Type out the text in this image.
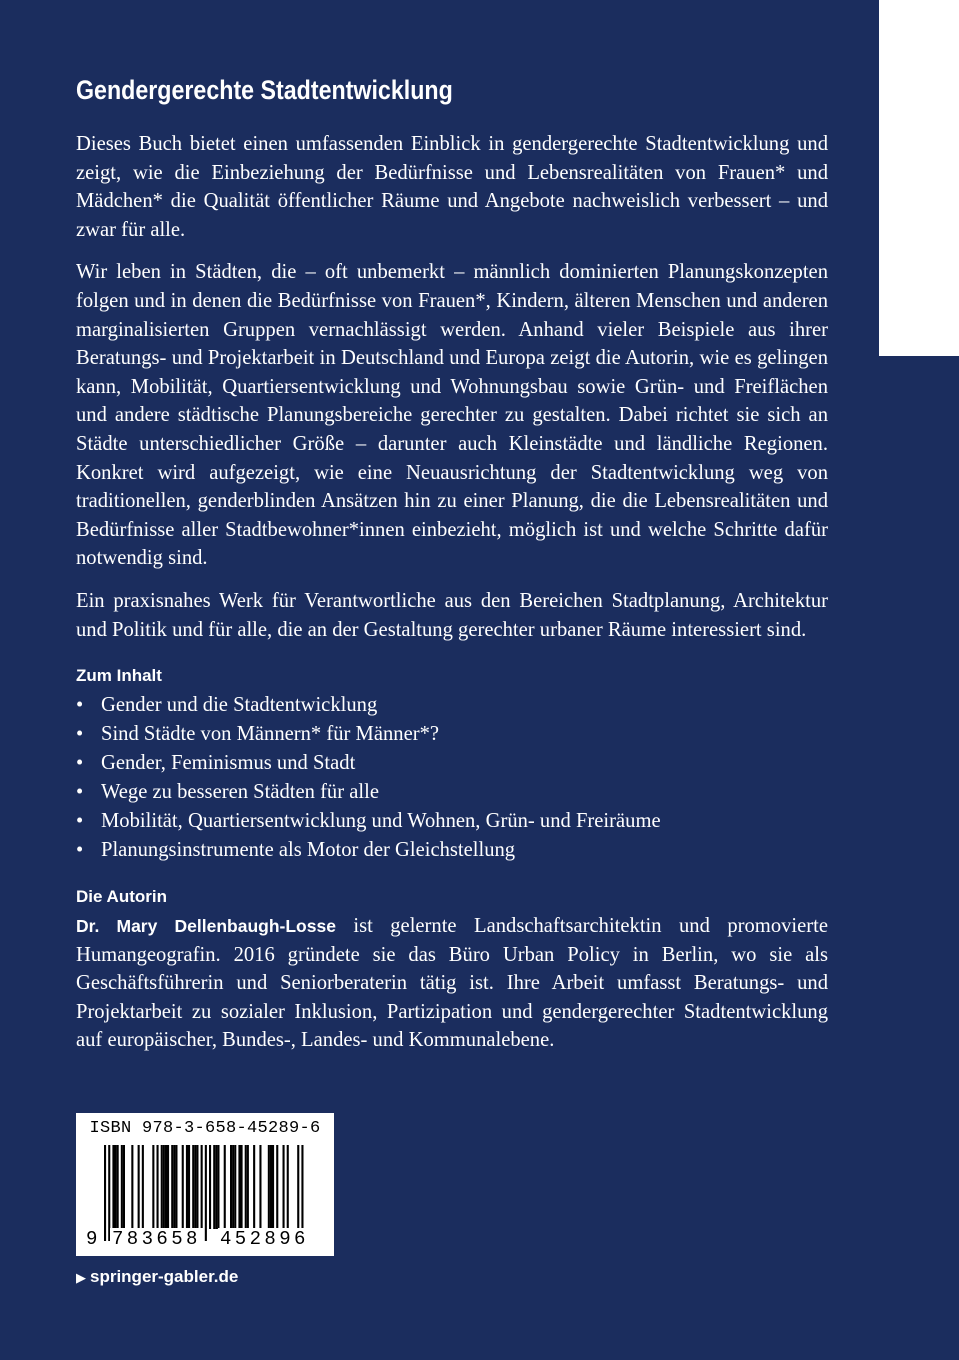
Gendergerechte Stadtentwicklung

Dieses Buch bietet einen umfassenden Einblick in gendergerechte Stadtentwicklung und zeigt, wie die Einbeziehung der Bedürfnisse und Lebensrealitäten von Frauen* und Mädchen* die Qualität öffentlicher Räume und Angebote nachweislich verbessert – und zwar für alle.

Wir leben in Städten, die – oft unbemerkt – männlich dominierten Planungskonzepten folgen und in denen die Bedürfnisse von Frauen*, Kindern, älteren Menschen und anderen marginalisierten Gruppen vernachlässigt werden. Anhand vieler Beispiele aus ihrer Beratungs- und Projektarbeit in Deutschland und Europa zeigt die Autorin, wie es gelingen kann, Mobilität, Quartiersentwicklung und Wohnungsbau sowie Grün- und Freiflächen und andere städtische Planungsbereiche gerechter zu gestalten. Dabei richtet sie sich an Städte unterschiedlicher Größe – darunter auch Kleinstädte und ländliche Regionen. Konkret wird aufgezeigt, wie eine Neuausrichtung der Stadtentwicklung weg von traditionellen, genderblinden Ansätzen hin zu einer Planung, die die Lebensrealitäten und Bedürfnisse aller Stadtbewohner*innen einbezieht, möglich ist und welche Schritte dafür notwendig sind.

Ein praxisnahes Werk für Verantwortliche aus den Bereichen Stadtplanung, Architektur und Politik und für alle, die an der Gestaltung gerechter urbaner Räume interessiert sind.

Zum Inhalt
• Gender und die Stadtentwicklung
• Sind Städte von Männern* für Männer*?
• Gender, Feminismus und Stadt
• Wege zu besseren Städten für alle
• Mobilität, Quartiersentwicklung und Wohnen, Grün- und Freiräume
• Planungsinstrumente als Motor der Gleichstellung
Die Autorin

Dr. Mary Dellenbaugh-Losse ist gelernte Landschaftsarchitektin und promovierte Humangeografin. 2016 gründete sie das Büro Urban Policy in Berlin, wo sie als Geschäftsführerin und Seniorberaterin tätig ist. Ihre Arbeit umfasst Beratungs- und Projektarbeit zu sozialer Inklusion, Partizipation und gendergerechter Stadtentwicklung auf europäischer, Bundes-, Landes- und Kommunalebene.

ISBN 978-3-658-45289-6
9 783658 452896
▶ springer-gabler.de
